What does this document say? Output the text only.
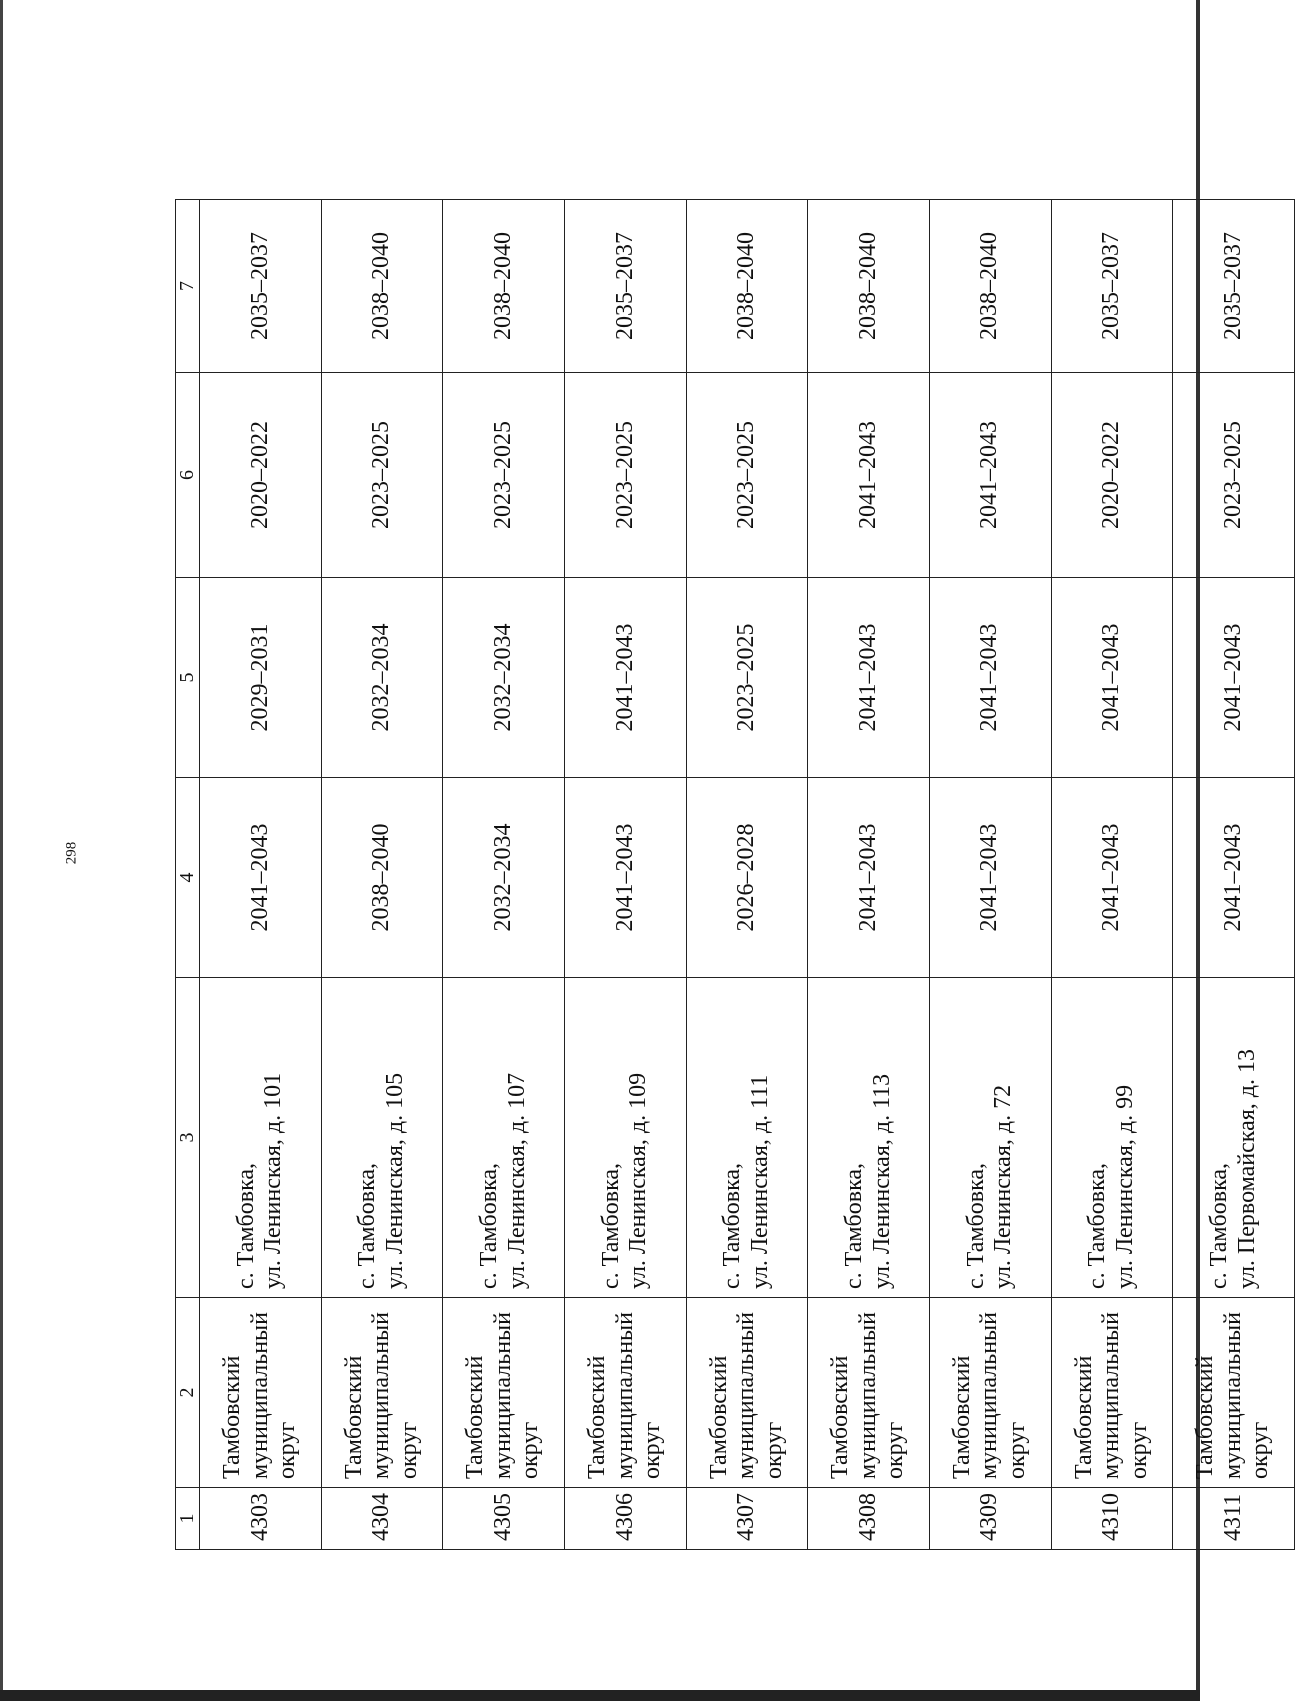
298
1	2	3	4	5	6	7
4303	Тамбовский муниципальный округ	с. Тамбовка, ул. Ленинская, д. 101	2041–2043	2029–2031	2020–2022	2035–2037
4304	Тамбовский муниципальный округ	с. Тамбовка, ул. Ленинская, д. 105	2038–2040	2032–2034	2023–2025	2038–2040
4305	Тамбовский муниципальный округ	с. Тамбовка, ул. Ленинская, д. 107	2032–2034	2032–2034	2023–2025	2038–2040
4306	Тамбовский муниципальный округ	с. Тамбовка, ул. Ленинская, д. 109	2041–2043	2041–2043	2023–2025	2035–2037
4307	Тамбовский муниципальный округ	с. Тамбовка, ул. Ленинская, д. 111	2026–2028	2023–2025	2023–2025	2038–2040
4308	Тамбовский муниципальный округ	с. Тамбовка, ул. Ленинская, д. 113	2041–2043	2041–2043	2041–2043	2038–2040
4309	Тамбовский муниципальный округ	с. Тамбовка, ул. Ленинская, д. 72	2041–2043	2041–2043	2041–2043	2038–2040
4310	Тамбовский муниципальный округ	с. Тамбовка, ул. Ленинская, д. 99	2041–2043	2041–2043	2020–2022	2035–2037
4311	Тамбовский муниципальный округ	с. Тамбовка, ул. Первомайская, д. 13	2041–2043	2041–2043	2023–2025	2035–2037
